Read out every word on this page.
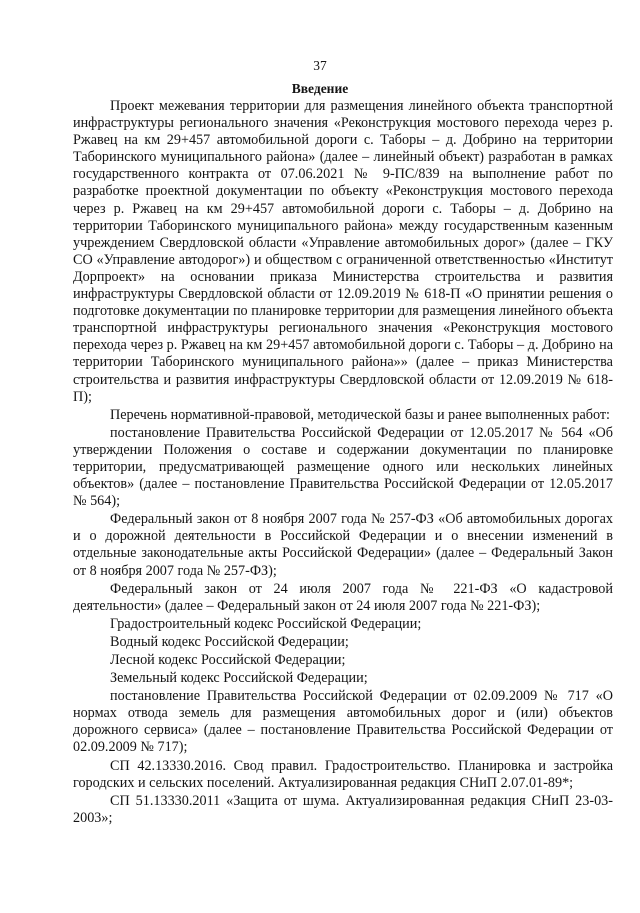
37
Введение

Проект межевания территории для размещения линейного объекта транспортной инфраструктуры регионального значения «Реконструкция мостового перехода через р. Ржавец на км 29+457 автомобильной дороги с. Таборы – д. Добрино на территории Таборинского муниципального района» (далее – линейный объект) разработан в рамках государственного контракта от 07.06.2021 № 9-ПС/839 на выполнение работ по разработке проектной документации по объекту «Реконструкция мостового перехода через р. Ржавец на км 29+457 автомобильной дороги с. Таборы – д. Добрино на территории Таборинского муниципального района» между государственным казенным учреждением Свердловской области «Управление автомобильных дорог» (далее – ГКУ СО «Управление автодорог») и обществом с ограниченной ответственностью «Институт Дорпроект» на основании приказа Министерства строительства и развития инфраструктуры Свердловской области от 12.09.2019 № 618-П «О принятии решения о подготовке документации по планировке территории для размещения линейного объекта транспортной инфраструктуры регионального значения «Реконструкция мостового перехода через р. Ржавец на км 29+457 автомобильной дороги с. Таборы – д. Добрино на территории Таборинского муниципального района»» (далее – приказ Министерства строительства и развития инфраструктуры Свердловской области от 12.09.2019 № 618-П);

Перечень нормативной-правовой, методической базы и ранее выполненных работ:

постановление Правительства Российской Федерации от 12.05.2017 № 564 «Об утверждении Положения о составе и содержании документации по планировке территории, предусматривающей размещение одного или нескольких линейных объектов» (далее – постановление Правительства Российской Федерации от 12.05.2017 № 564);

Федеральный закон от 8 ноября 2007 года № 257-ФЗ «Об автомобильных дорогах и о дорожной деятельности в Российской Федерации и о внесении изменений в отдельные законодательные акты Российской Федерации» (далее – Федеральный Закон от 8 ноября 2007 года № 257-ФЗ);

Федеральный закон от 24 июля 2007 года № 221-ФЗ «О кадастровой деятельности» (далее – Федеральный закон от 24 июля 2007 года № 221-ФЗ);

Градостроительный кодекс Российской Федерации;

Водный кодекс Российской Федерации;

Лесной кодекс Российской Федерации;

Земельный кодекс Российской Федерации;

постановление Правительства Российской Федерации от 02.09.2009 № 717 «О нормах отвода земель для размещения автомобильных дорог и (или) объектов дорожного сервиса» (далее – постановление Правительства Российской Федерации от 02.09.2009 № 717);

СП 42.13330.2016. Свод правил. Градостроительство. Планировка и застройка городских и сельских поселений. Актуализированная редакция СНиП 2.07.01-89*;

СП 51.13330.2011 «Защита от шума. Актуализированная редакция СНиП 23-03-2003»;
